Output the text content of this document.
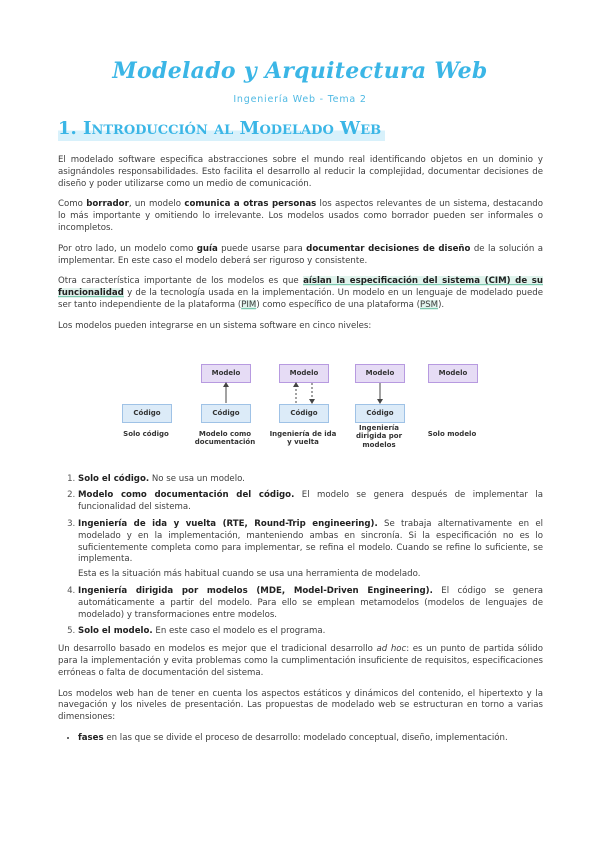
Modelado y Arquitectura Web
Ingeniería Web - Tema 2
1. Introducción al Modelado Web

El modelado software especifica abstracciones sobre el mundo real identificando objetos en un dominio y asignándoles responsabilidades. Esto facilita el desarrollo al reducir la complejidad, documentar decisiones de diseño y poder utilizarse como un medio de comunicación.

Como borrador, un modelo comunica a otras personas los aspectos relevantes de un sistema, destacando lo más importante y omitiendo lo irrelevante. Los modelos usados como borrador pueden ser informales o incompletos.

Por otro lado, un modelo como guía puede usarse para documentar decisiones de diseño de la solución a implementar. En este caso el modelo deberá ser riguroso y consistente.

Otra característica importante de los modelos es que aíslan la especificación del sistema (CIM) de su funcionalidad y de la tecnología usada en la implementación. Un modelo en un lenguaje de modelado puede ser tanto independiente de la plataforma (PIM) como específico de una plataforma (PSM).

Los modelos pueden integrarse en un sistema software en cinco niveles:

Código
Solo código
Modelo
Código
Modelo como documentación
Modelo
Código
Ingeniería de ida y vuelta
Modelo
Código
Ingeniería dirigida por modelos
Modelo
Solo modelo
1. Solo el código. No se usa un modelo.
2. Modelo como documentación del código. El modelo se genera después de implementar la funcionalidad del sistema.
3. Ingeniería de ida y vuelta (RTE, Round-Trip engineering). Se trabaja alternativamente en el modelado y en la implementación, manteniendo ambas en sincronía. Si la especificación no es lo suficientemente completa como para implementar, se refina el modelo. Cuando se refine lo suficiente, se implementa.
Esta es la situación más habitual cuando se usa una herramienta de modelado.
4. Ingeniería dirigida por modelos (MDE, Model-Driven Engineering). El código se genera automáticamente a partir del modelo. Para ello se emplean metamodelos (modelos de lenguajes de modelado) y transformaciones entre modelos.
5. Solo el modelo. En este caso el modelo es el programa.

Un desarrollo basado en modelos es mejor que el tradicional desarrollo ad hoc: es un punto de partida sólido para la implementación y evita problemas como la cumplimentación insuficiente de requisitos, especificaciones erróneas o falta de documentación del sistema.

Los modelos web han de tener en cuenta los aspectos estáticos y dinámicos del contenido, el hipertexto y la navegación y los niveles de presentación. Las propuestas de modelado web se estructuran en torno a varias dimensiones:

• fases en las que se divide el proceso de desarrollo: modelado conceptual, diseño, implementación.
